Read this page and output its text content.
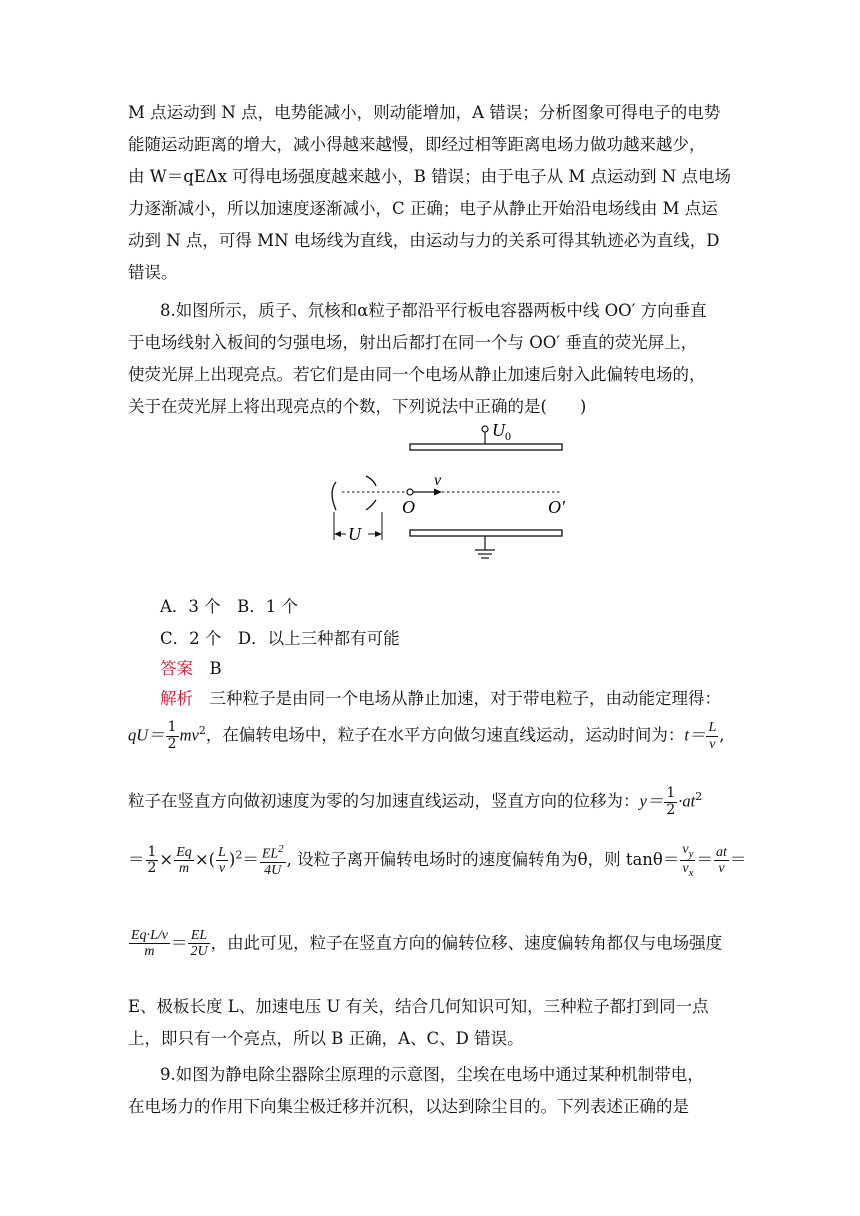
M 点运动到 N 点，电势能减小，则动能增加，A 错误；分析图象可得电子的电势
能随运动距离的增大，减小得越来越慢，即经过相等距离电场力做功越来越少，
由 W＝qEΔx 可得电场强度越来越小，B 错误；由于电子从 M 点运动到 N 点电场
力逐渐减小，所以加速度逐渐减小，C 正确；电子从静止开始沿电场线由 M 点运
动到 N 点，可得 MN 电场线为直线，由运动与力的关系可得其轨迹必为直线，D
错误。
8.如图所示，质子、氘核和α粒子都沿平行板电容器两板中线 OO′ 方向垂直
于电场线射入板间的匀强电场，射出后都打在同一个与 OO′ 垂直的荧光屏上，
使荧光屏上出现亮点。若它们是由同一个电场从静止加速后射入此偏转电场的，
关于在荧光屏上将出现亮点的个数，下列说法中正确的是(　　)
$U_0$
v
O	O′
U
A．3 个　B．1 个
C．2 个　D．以上三种都有可能
答案　 B
解析　 三种粒子是由同一个电场从静止加速，对于带电粒子，由动能定理得：
$qU= \frac{1}{2} mv^2$，在偏转电场中，粒子在水平方向做匀速直线运动，运动时间为：$t= \frac{L}{v}$ ,
粒子在竖直方向做初速度为零的匀加速直线运动，竖直方向的位移为：$y= \frac{1}{2} \cdot at^2$
＝ $\frac{1}{2} \times \frac{Eq}{m}$ ×( $\frac{L}{v} )^2= \frac{EL^2}{4U}$ , 设粒子离开偏转电场时的速度偏转角为θ，则 $\tan\theta= \frac{v_y}{v_x} = \frac{at}{v}$ ＝
$\frac{Eq\cdot L/v}{m} = \frac{EL}{2U}$ ，由此可见，粒子在竖直方向的偏转位移、速度偏转角都仅与电场强度
E、极板长度 L、加速电压 U 有关，结合几何知识可知，三种粒子都打到同一点
上，即只有一个亮点，所以 B 正确，A、C、D 错误。
9.如图为静电除尘器除尘原理的示意图，尘埃在电场中通过某种机制带电，
在电场力的作用下向集尘极迁移并沉积，以达到除尘目的。下列表述正确的是
